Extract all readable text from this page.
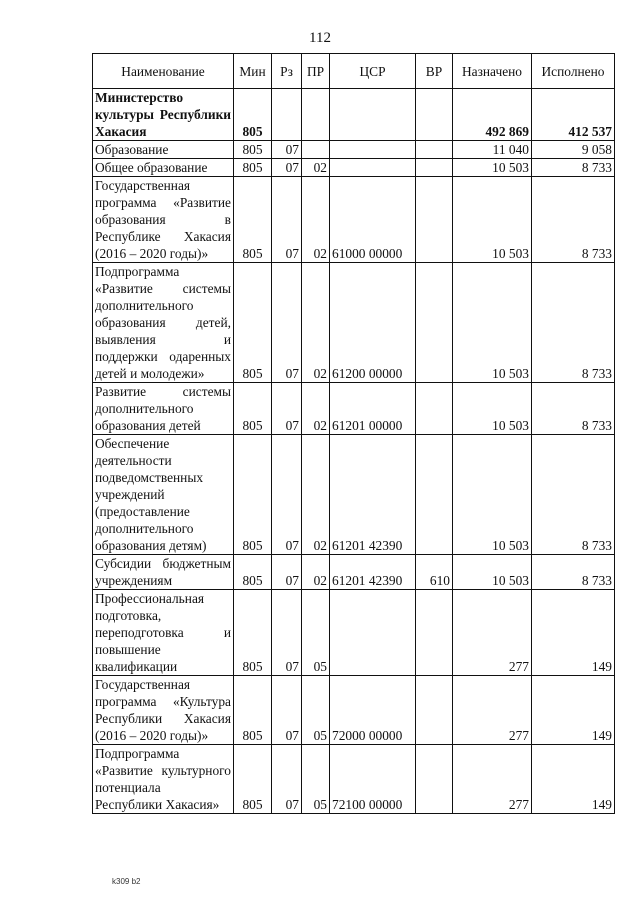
112
Наименование	Мин	Рз	ПР	ЦСР	ВР	Назначено	Исполнено
Министерство культуры Республики Хакасия	805					492 869	412 537
Образование	805	07				11 040	9 058
Общее образование	805	07	02			10 503	8 733
Государственная программа «Развитие образования в Республике Хакасия (2016 – 2020 годы)»	805	07	02	61000 00000		10 503	8 733
Подпрограмма «Развитие системы дополнительного образования детей, выявления и поддержки одаренных детей и молодежи»	805	07	02	61200 00000		10 503	8 733
Развитие системы дополнительного образования детей	805	07	02	61201 00000		10 503	8 733
Обеспечение деятельности подведомственных учреждений (предоставление дополнительного образования детям)	805	07	02	61201 42390		10 503	8 733
Субсидии бюджетным учреждениям	805	07	02	61201 42390	610	10 503	8 733
Профессиональная подготовка, переподготовка и повышение квалификации	805	07	05			277	149
Государственная программа «Культура Республики Хакасия (2016 – 2020 годы)»	805	07	05	72000 00000		277	149
Подпрограмма «Развитие культурного потенциала Республики Хакасия»	805	07	05	72100 00000		277	149
k309 b2
